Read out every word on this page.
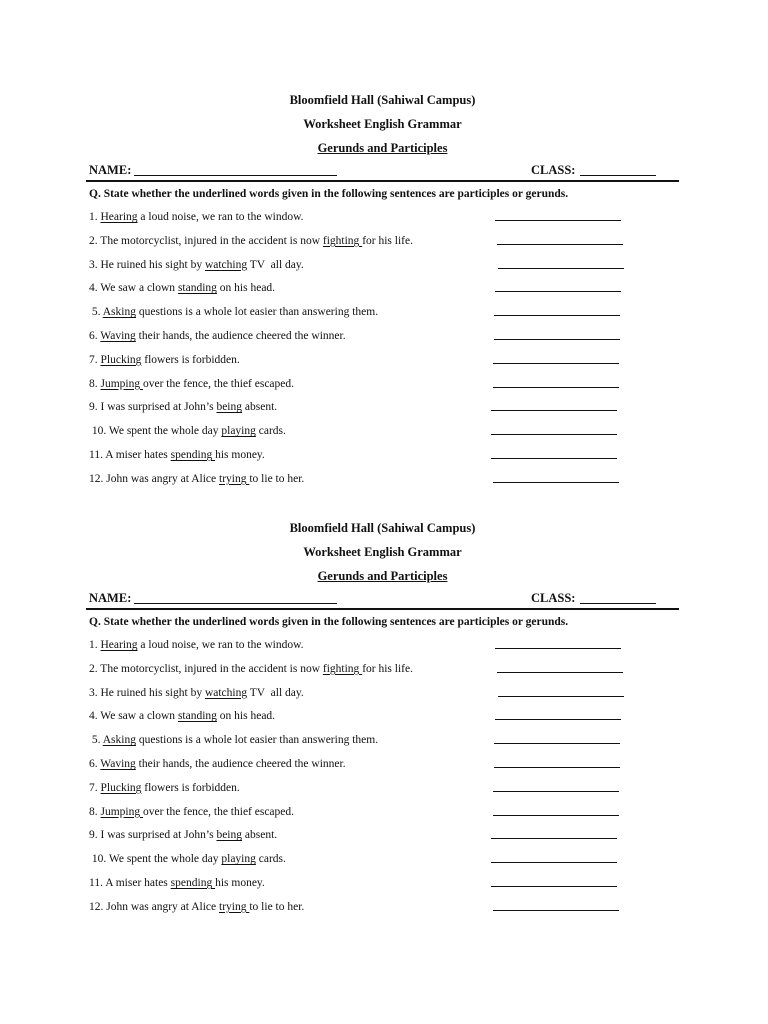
Bloomfield Hall (Sahiwal Campus)
Worksheet English Grammar
Gerunds and Participles
NAME:	CLASS:
Q. State whether the underlined words given in the following sentences are participles or gerunds.
1. Hearing a loud noise, we ran to the window.
2. The motorcyclist, injured in the accident is now fighting for his life.
3. He ruined his sight by watching TV  all day.
4. We saw a clown standing on his head.
5. Asking questions is a whole lot easier than answering them.
6. Waving their hands, the audience cheered the winner.
7. Plucking flowers is forbidden.
8. Jumping over the fence, the thief escaped.
9. I was surprised at John’s being absent.
10. We spent the whole day playing cards.
11. A miser hates spending his money.
12. John was angry at Alice trying to lie to her.
Bloomfield Hall (Sahiwal Campus)
Worksheet English Grammar
Gerunds and Participles
NAME:	CLASS:
Q. State whether the underlined words given in the following sentences are participles or gerunds.
1. Hearing a loud noise, we ran to the window.
2. The motorcyclist, injured in the accident is now fighting for his life.
3. He ruined his sight by watching TV  all day.
4. We saw a clown standing on his head.
5. Asking questions is a whole lot easier than answering them.
6. Waving their hands, the audience cheered the winner.
7. Plucking flowers is forbidden.
8. Jumping over the fence, the thief escaped.
9. I was surprised at John’s being absent.
10. We spent the whole day playing cards.
11. A miser hates spending his money.
12. John was angry at Alice trying to lie to her.
